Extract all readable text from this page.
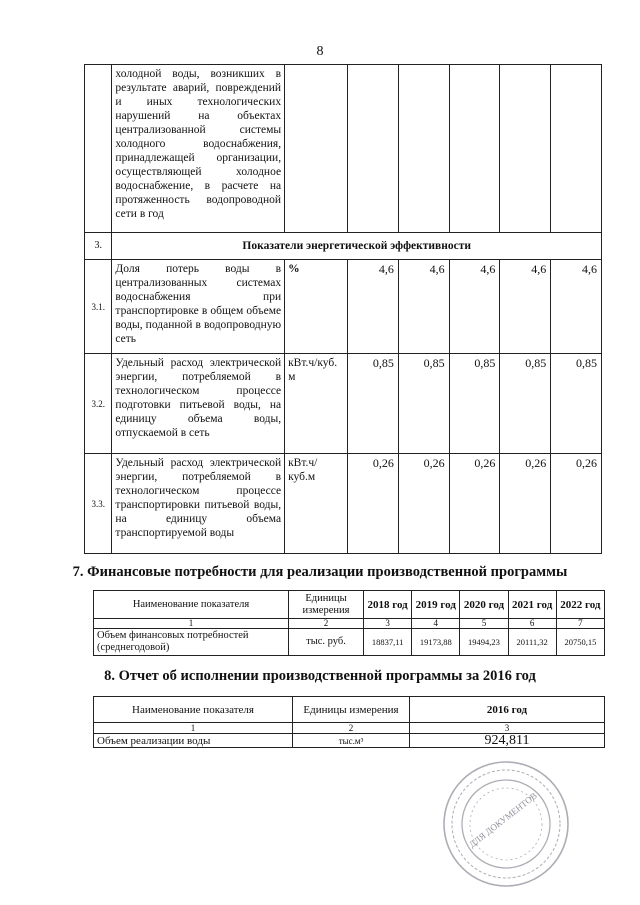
8
	холодной воды, возникших в результате аварий, повреждений и иных технологических нарушений на объектах централизованной системы холодного водоснабжения, принадлежащей организации, осуществляющей холодное водоснабжение, в расчете на протяженность водопроводной сети в год						
3.	Показатели энергетической эффективности						
3.1.	Доля потерь воды в централизованных системах водоснабжения при транспортировке в общем объеме воды, поданной в водопроводную сеть	%	4,6	4,6	4,6	4,6	4,6
3.2.	Удельный расход электрической энергии, потребляемой в технологическом процессе подготовки питьевой воды, на единицу объема воды, отпускаемой в сеть	кВт.ч/куб. м	0,85	0,85	0,85	0,85	0,85
3.3.	Удельный расход электрической энергии, потребляемой в технологическом процессе транспортировки питьевой воды, на единицу объема транспортируемой воды	кВт.ч/куб.м	0,26	0,26	0,26	0,26	0,26
7. Финансовые потребности для реализации производственной программы
Наименование показателя	Единицы измерения	2018 год	2019 год	2020 год	2021 год	2022 год
1	2	3	4	5	6	7
Объем финансовых потребностей (среднегодовой)	тыс. руб.	18837,11	19173,88	19494,23	20111,32	20750,15
8. Отчет об исполнении производственной программы за 2016 год
Наименование показателя	Единицы измерения	2016 год
1	2	3
Объем реализации воды	тыс.м³	924,811
ДЛЯ ДОКУМЕНТОВ
